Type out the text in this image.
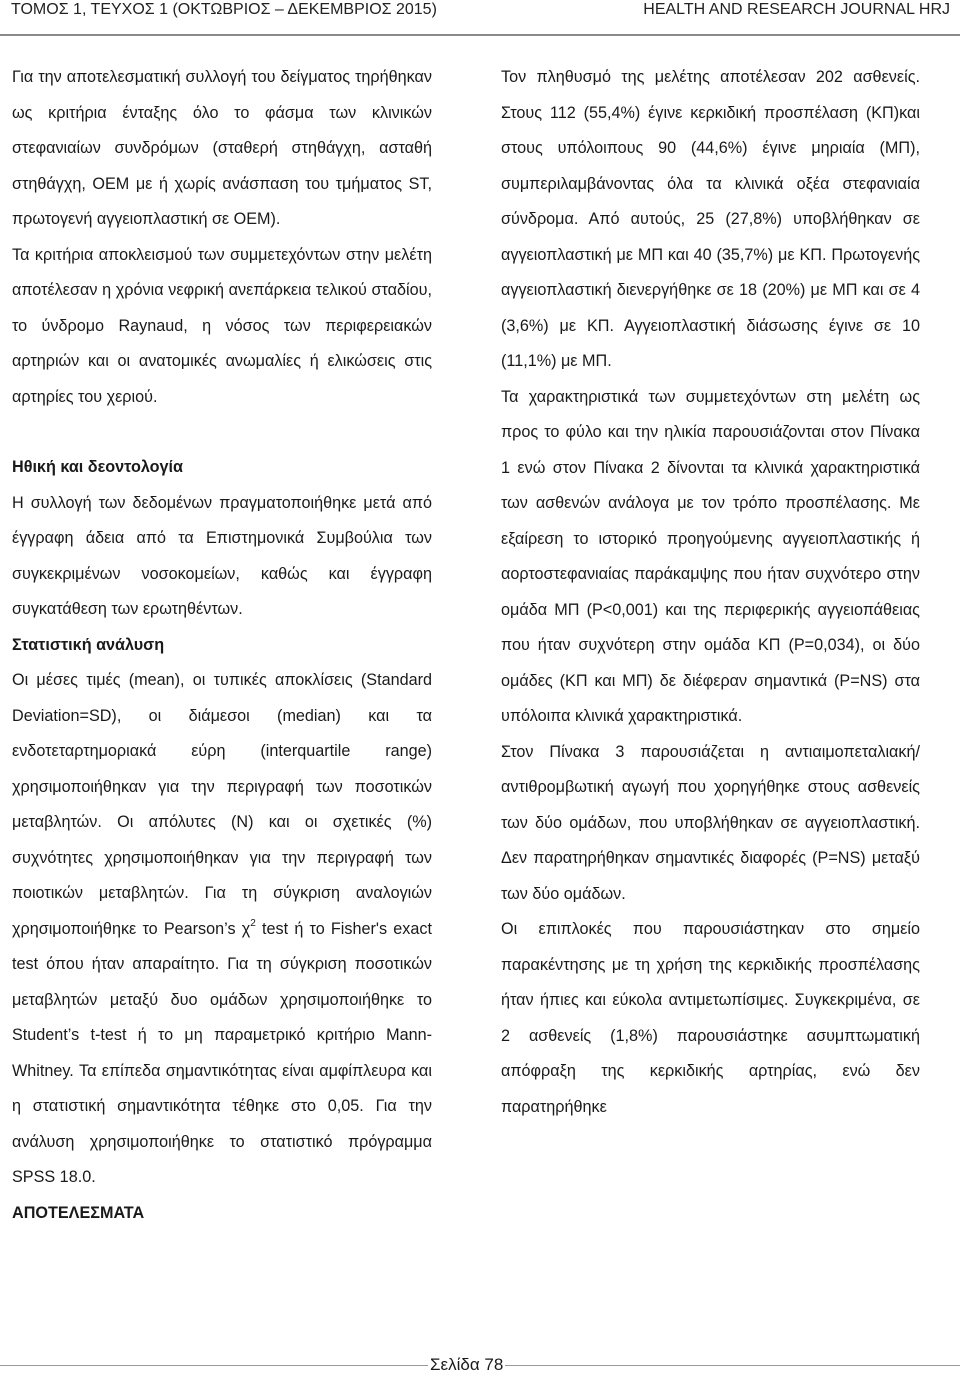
ΤΟΜΟΣ 1, ΤΕΥΧΟΣ 1 (ΟΚΤΩΒΡΙΟΣ – ΔΕΚΕΜΒΡΙΟΣ 2015)	HEALTH AND RESEARCH JOURNAL HRJ

Για την αποτελεσματική συλλογή του δείγματος τηρήθηκαν ως κριτήρια ένταξης όλο το φάσμα των κλινικών στεφανιαίων συνδρόμων (σταθερή στηθάγχη, ασταθή στηθάγχη, ΟΕΜ με ή χωρίς ανάσπαση του τμήματος ST, πρωτογενή αγγειοπλαστική σε ΟΕΜ).

Τα κριτήρια αποκλεισμού των συμμετεχόντων στην μελέτη αποτέλεσαν η χρόνια νεφρική ανεπάρκεια τελικού σταδίου, το ύνδρομο Raynaud, η νόσος των περιφερειακών αρτηριών και οι ανατομικές ανωμαλίες ή ελικώσεις στις αρτηρίες του χεριού.

Ηθική και δεοντολογία

Η συλλογή των δεδομένων πραγματοποιήθηκε μετά από έγγραφη άδεια από τα Επιστημονικά Συμβούλια των συγκεκριμένων νοσοκομείων, καθώς και έγγραφη συγκατάθεση των ερωτηθέντων.

Στατιστική ανάλυση

Οι μέσες τιμές (mean), οι τυπικές αποκλίσεις (Standard Deviation=SD), οι διάμεσοι (median) και τα ενδοτεταρτημοριακά εύρη (interquartile range) χρησιμοποιήθηκαν για την περιγραφή των ποσοτικών μεταβλητών. Οι απόλυτες (Ν) και οι σχετικές (%) συχνότητες χρησιμοποιήθηκαν για την περιγραφή των ποιοτικών μεταβλητών. Για τη σύγκριση αναλογιών χρησιμοποιήθηκε το Pearson’s $\chi^2$ test ή το Fisher's exact test όπου ήταν απαραίτητο. Για τη σύγκριση ποσοτικών μεταβλητών μεταξύ δυο ομάδων χρησιμοποιήθηκε το Student’s t-test ή το μη παραμετρικό κριτήριο Mann-Whitney. Τα επίπεδα σημαντικότητας είναι αμφίπλευρα και η στατιστική σημαντικότητα τέθηκε στο 0,05. Για την ανάλυση χρησιμοποιήθηκε το στατιστικό πρόγραμμα SPSS 18.0.

ΑΠΟΤΕΛΕΣΜΑΤΑ

Τον πληθυσμό της μελέτης αποτέλεσαν 202 ασθενείς. Στους 112 (55,4%) έγινε κερκιδική προσπέλαση (ΚΠ)και στους υπόλοιπους 90 (44,6%) έγινε μηριαία (ΜΠ), συμπεριλαμβάνοντας όλα τα κλινικά οξέα στεφανιαία σύνδρομα. Από αυτούς, 25 (27,8%) υποβλήθηκαν σε αγγειοπλαστική με ΜΠ και 40 (35,7%) με ΚΠ. Πρωτογενής αγγειοπλαστική διενεργήθηκε σε 18 (20%) με ΜΠ και σε 4 (3,6%) με ΚΠ. Αγγειοπλαστική διάσωσης έγινε σε 10 (11,1%) με ΜΠ.

Τα χαρακτηριστικά των συμμετεχόντων στη μελέτη ως προς το φύλο και την ηλικία παρουσιάζονται στον Πίνακα 1 ενώ στον Πίνακα 2 δίνονται τα κλινικά χαρακτηριστικά των ασθενών ανάλογα με τον τρόπο προσπέλασης. Με εξαίρεση το ιστορικό προηγούμενης αγγειοπλαστικής ή αορτοστεφανιαίας παράκαμψης που ήταν συχνότερο στην ομάδα ΜΠ (P<0,001) και της περιφερικής αγγειοπάθειας που ήταν συχνότερη στην ομάδα ΚΠ (P=0,034), οι δύο ομάδες (ΚΠ και ΜΠ) δε διέφεραν σημαντικά (P=NS) στα υπόλοιπα κλινικά χαρακτηριστικά.

Στον Πίνακα 3 παρουσιάζεται η αντιαιμοπεταλιακή/αντιθρομβωτική αγωγή που χορηγήθηκε στους ασθενείς των δύο ομάδων, που υποβλήθηκαν σε αγγειοπλαστική. Δεν παρατηρήθηκαν σημαντικές διαφορές (P=NS) μεταξύ των δύο ομάδων.

Οι επιπλοκές που παρουσιάστηκαν στο σημείο παρακέντησης με τη χρήση της κερκιδικής προσπέλασης ήταν ήπιες και εύκολα αντιμετωπίσιμες. Συγκεκριμένα, σε 2 ασθενείς (1,8%) παρουσιάστηκε ασυμπτωματική απόφραξη της κερκιδικής αρτηρίας, ενώ δεν παρατηρήθηκε

Σελίδα 78
